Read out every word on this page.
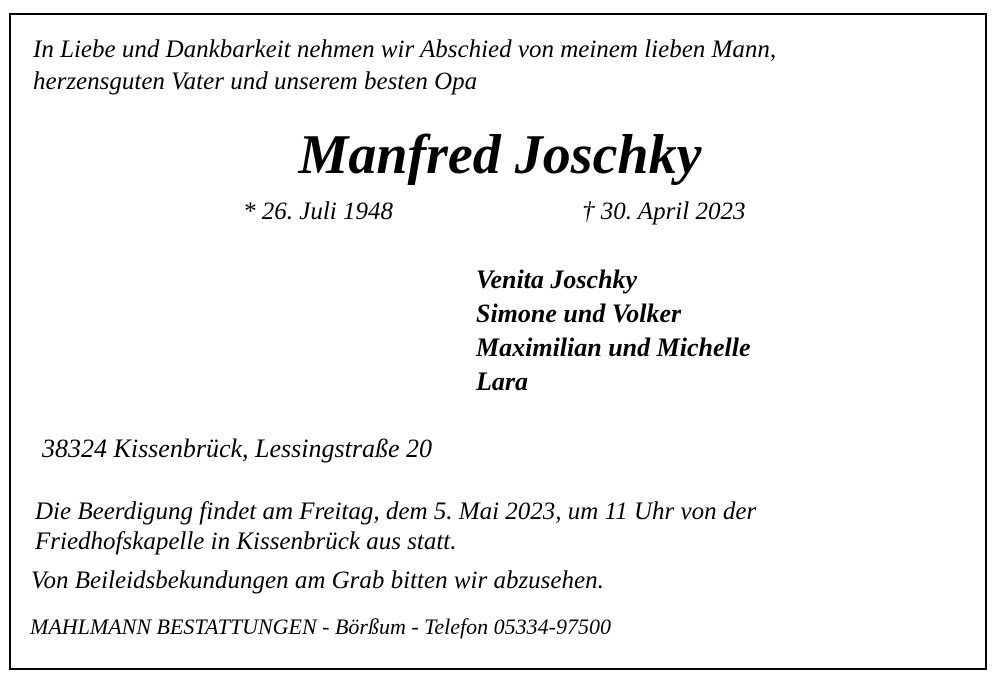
In Liebe und Dankbarkeit nehmen wir Abschied von meinem lieben Mann,
herzensguten Vater und unserem besten Opa
Manfred Joschky
* 26. Juli 1948	† 30. April 2023
Venita Joschky
Simone und Volker
Maximilian und Michelle
Lara
38324 Kissenbrück, Lessingstraße 20
Die Beerdigung findet am Freitag, dem 5. Mai 2023, um 11 Uhr von der
Friedhofskapelle in Kissenbrück aus statt.
Von Beileidsbekundungen am Grab bitten wir abzusehen.
MAHLMANN BESTATTUNGEN - Börßum - Telefon 05334-97500
